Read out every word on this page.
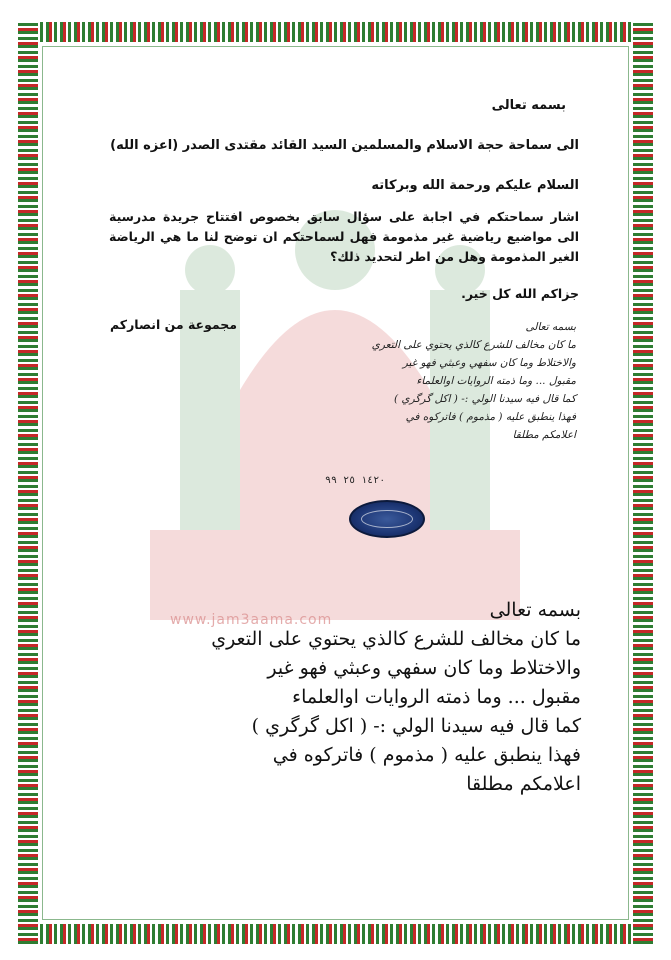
www.jam3aama.com
بسمه تعالى
الى سماحة حجة الاسلام والمسلمين السيد القائد مقتدى الصدر (اعزه الله)
السلام عليكم ورحمة الله وبركاته
اشار سماحتكم في اجابة على سؤال سابق بخصوص افتتاح جريدة مدرسية الى مواضيع رياضية غير مذمومة فهل لسماحتكم ان توضح لنا ما هي الرياضة الغير المذمومة وهل من اطر لتحديد ذلك؟
جزاكم الله كل خير.
مجموعة من انصاركم	بسمه تعالى
ما كان مخالف للشرع كالذي يحتوي على التعري
والاختلاط وما كان سفهي وعبثي فهو غير
مقبول ... وما ذمته الروايات اوالعلماء
كما قال فيه سيدنا الولي :- ( اكل گرگري )
فهذا ينطبق عليه ( مذموم ) فاتركوه في
اعلامكم مطلقا
١٤٢٠ ٢٥ ٩٩
بسمه تعالى
ما كان مخالف للشرع كالذي يحتوي على التعري
والاختلاط وما كان سفهي وعبثي فهو غير
مقبول ... وما ذمته الروايات اوالعلماء
كما قال فيه سيدنا الولي :- ( اكل گرگري )
فهذا ينطبق عليه ( مذموم ) فاتركوه في
اعلامكم مطلقا
